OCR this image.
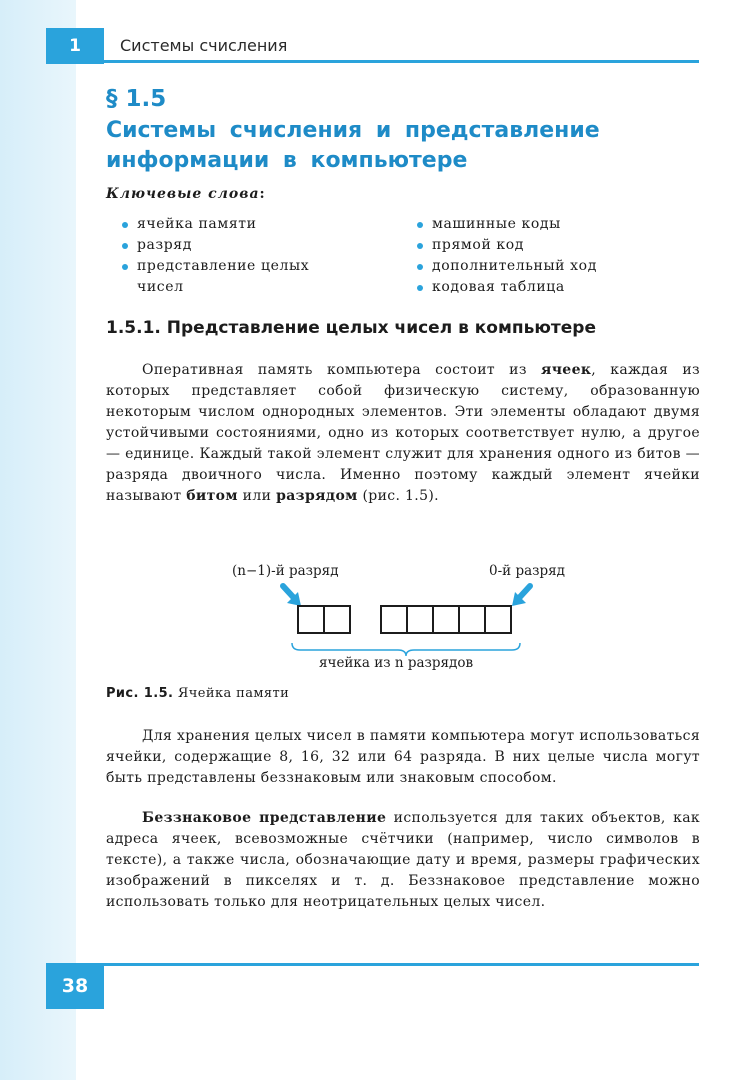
1	Системы счисления
§ 1.5
Системы счисления и представление информации в компьютере
Ключевые слова:
ячейка памяти
разряд
представление целых чисел
машинные коды
прямой код
дополнительный ход
кодовая таблица
1.5.1. Представление целых чисел в компьютере

Оперативная память компьютера состоит из ячеек, каждая из которых представляет собой физическую систему, образованную некоторым числом однородных элементов. Эти элементы обладают двумя устойчивыми состояниями, одно из которых соответствует нулю, а другое — единице. Каждый такой элемент служит для хранения одного из битов — разряда двоичного числа. Именно поэтому каждый элемент ячейки называют битом или разрядом (рис. 1.5).

(n−1)-й разряд	0-й разряд
ячейка из n разрядов
Рис. 1.5. Ячейка памяти

Для хранения целых чисел в памяти компьютера могут использоваться ячейки, содержащие 8, 16, 32 или 64 разряда. В них целые числа могут быть представлены беззнаковым или знаковым способом.

Беззнаковое представление используется для таких объектов, как адреса ячеек, всевозможные счётчики (например, число символов в тексте), а также числа, обозначающие дату и время, размеры графических изображений в пикселях и т. д. Беззнаковое представление можно использовать только для неотрицательных целых чисел.

38
